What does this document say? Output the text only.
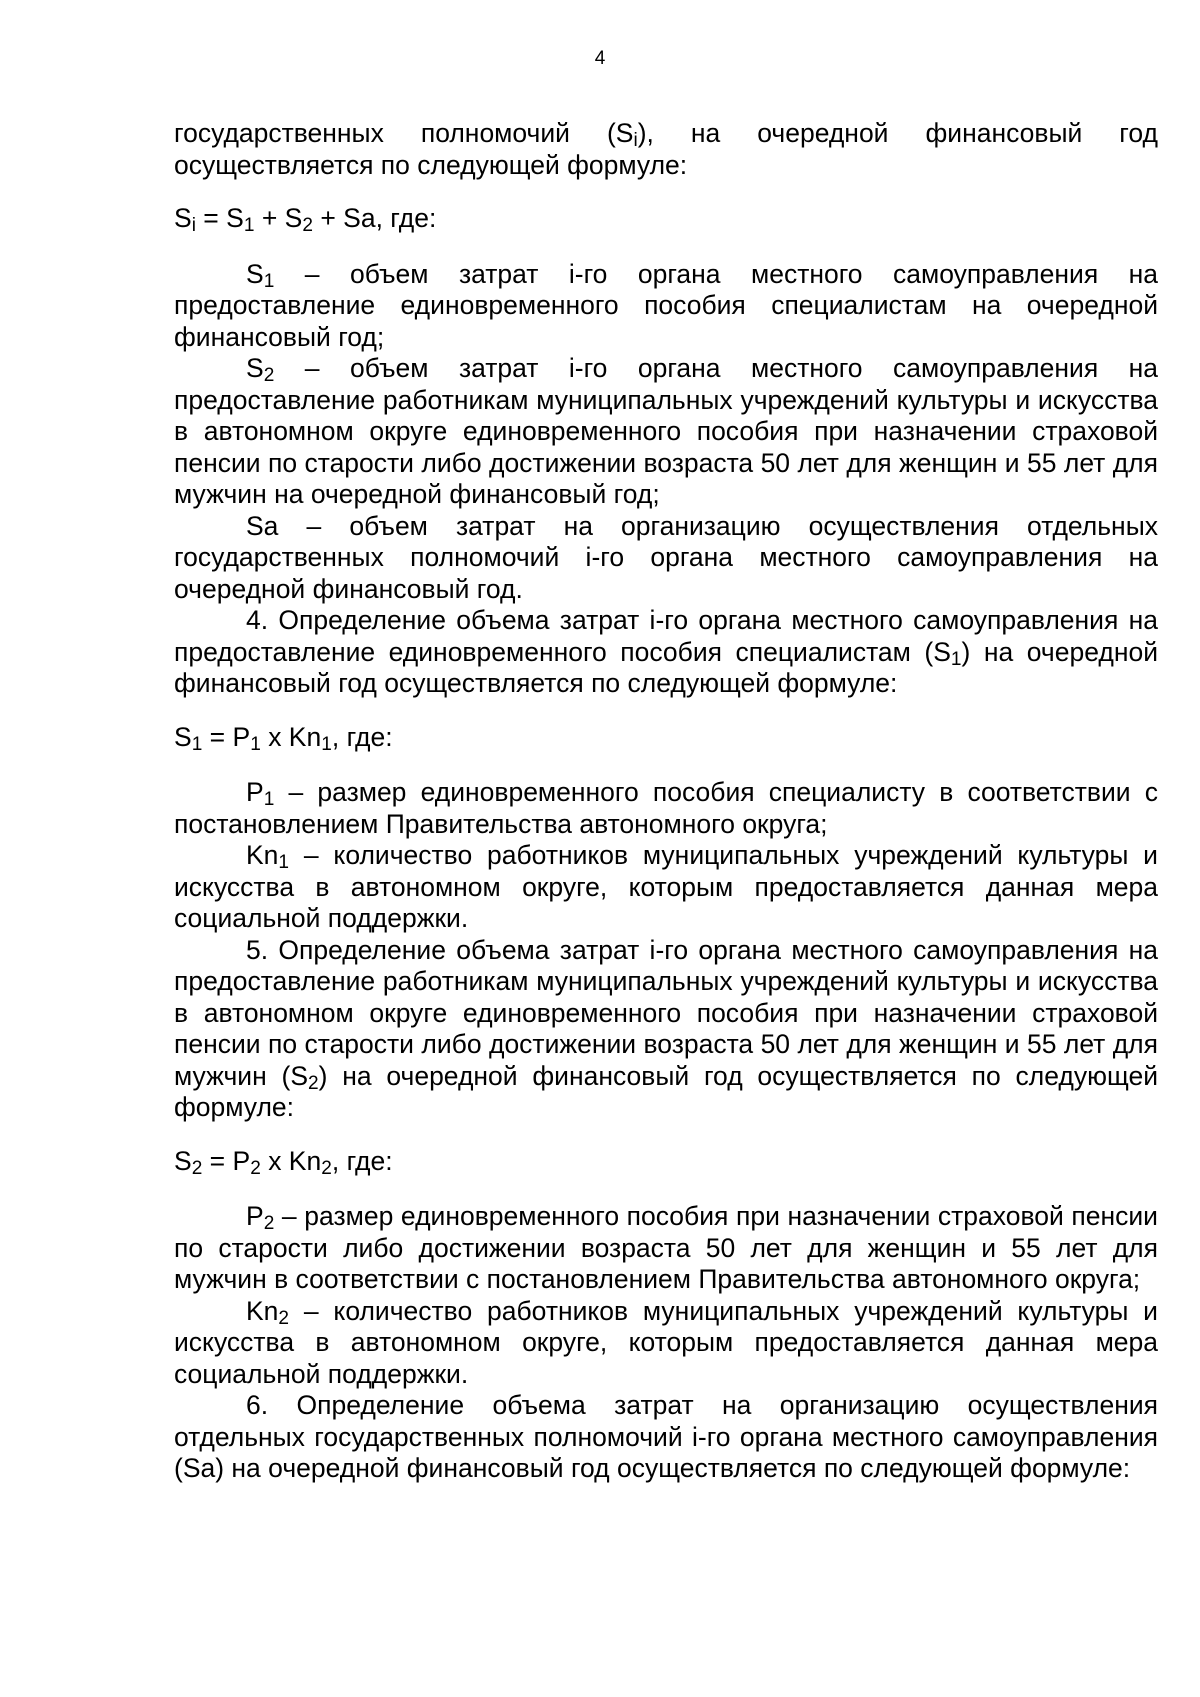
4

государственных полномочий $(S_i)$, на очередной финансовый год осуществляется по следующей формуле:

$S_i = S_1 + S_2 + Sa$, где:

$S_1$ – объем затрат i-го органа местного самоуправления на предоставление единовременного пособия специалистам на очередной финансовый год;

$S_2$ – объем затрат i-го органа местного самоуправления на предоставление работникам муниципальных учреждений культуры и искусства в автономном округе единовременного пособия при назначении страховой пенсии по старости либо достижении возраста 50 лет для женщин и 55 лет для мужчин на очередной финансовый год;

Sa – объем затрат на организацию осуществления отдельных государственных полномочий i-го органа местного самоуправления на очередной финансовый год.

4. Определение объема затрат i-го органа местного самоуправления на предоставление единовременного пособия специалистам $(S_1)$ на очередной финансовый год осуществляется по следующей формуле:

$S_1 = P_1$ x $Kn_1$, где:

$P_1$ – размер единовременного пособия специалисту в соответствии с постановлением Правительства автономного округа;

$Kn_1$ – количество работников муниципальных учреждений культуры и искусства в автономном округе, которым предоставляется данная мера социальной поддержки.

5. Определение объема затрат i-го органа местного самоуправления на предоставление работникам муниципальных учреждений культуры и искусства в автономном округе единовременного пособия при назначении страховой пенсии по старости либо достижении возраста 50 лет для женщин и 55 лет для мужчин $(S_2)$ на очередной финансовый год осуществляется по следующей формуле:

$S_2 = P_2$ x $Kn_2$, где:

$P_2$ – размер единовременного пособия при назначении страховой пенсии по старости либо достижении возраста 50 лет для женщин и 55 лет для мужчин в соответствии с постановлением Правительства автономного округа;

$Kn_2$ – количество работников муниципальных учреждений культуры и искусства в автономном округе, которым предоставляется данная мера социальной поддержки.

6. Определение объема затрат на организацию осуществления отдельных государственных полномочий i-го органа местного самоуправления (Sa) на очередной финансовый год осуществляется по следующей формуле:
